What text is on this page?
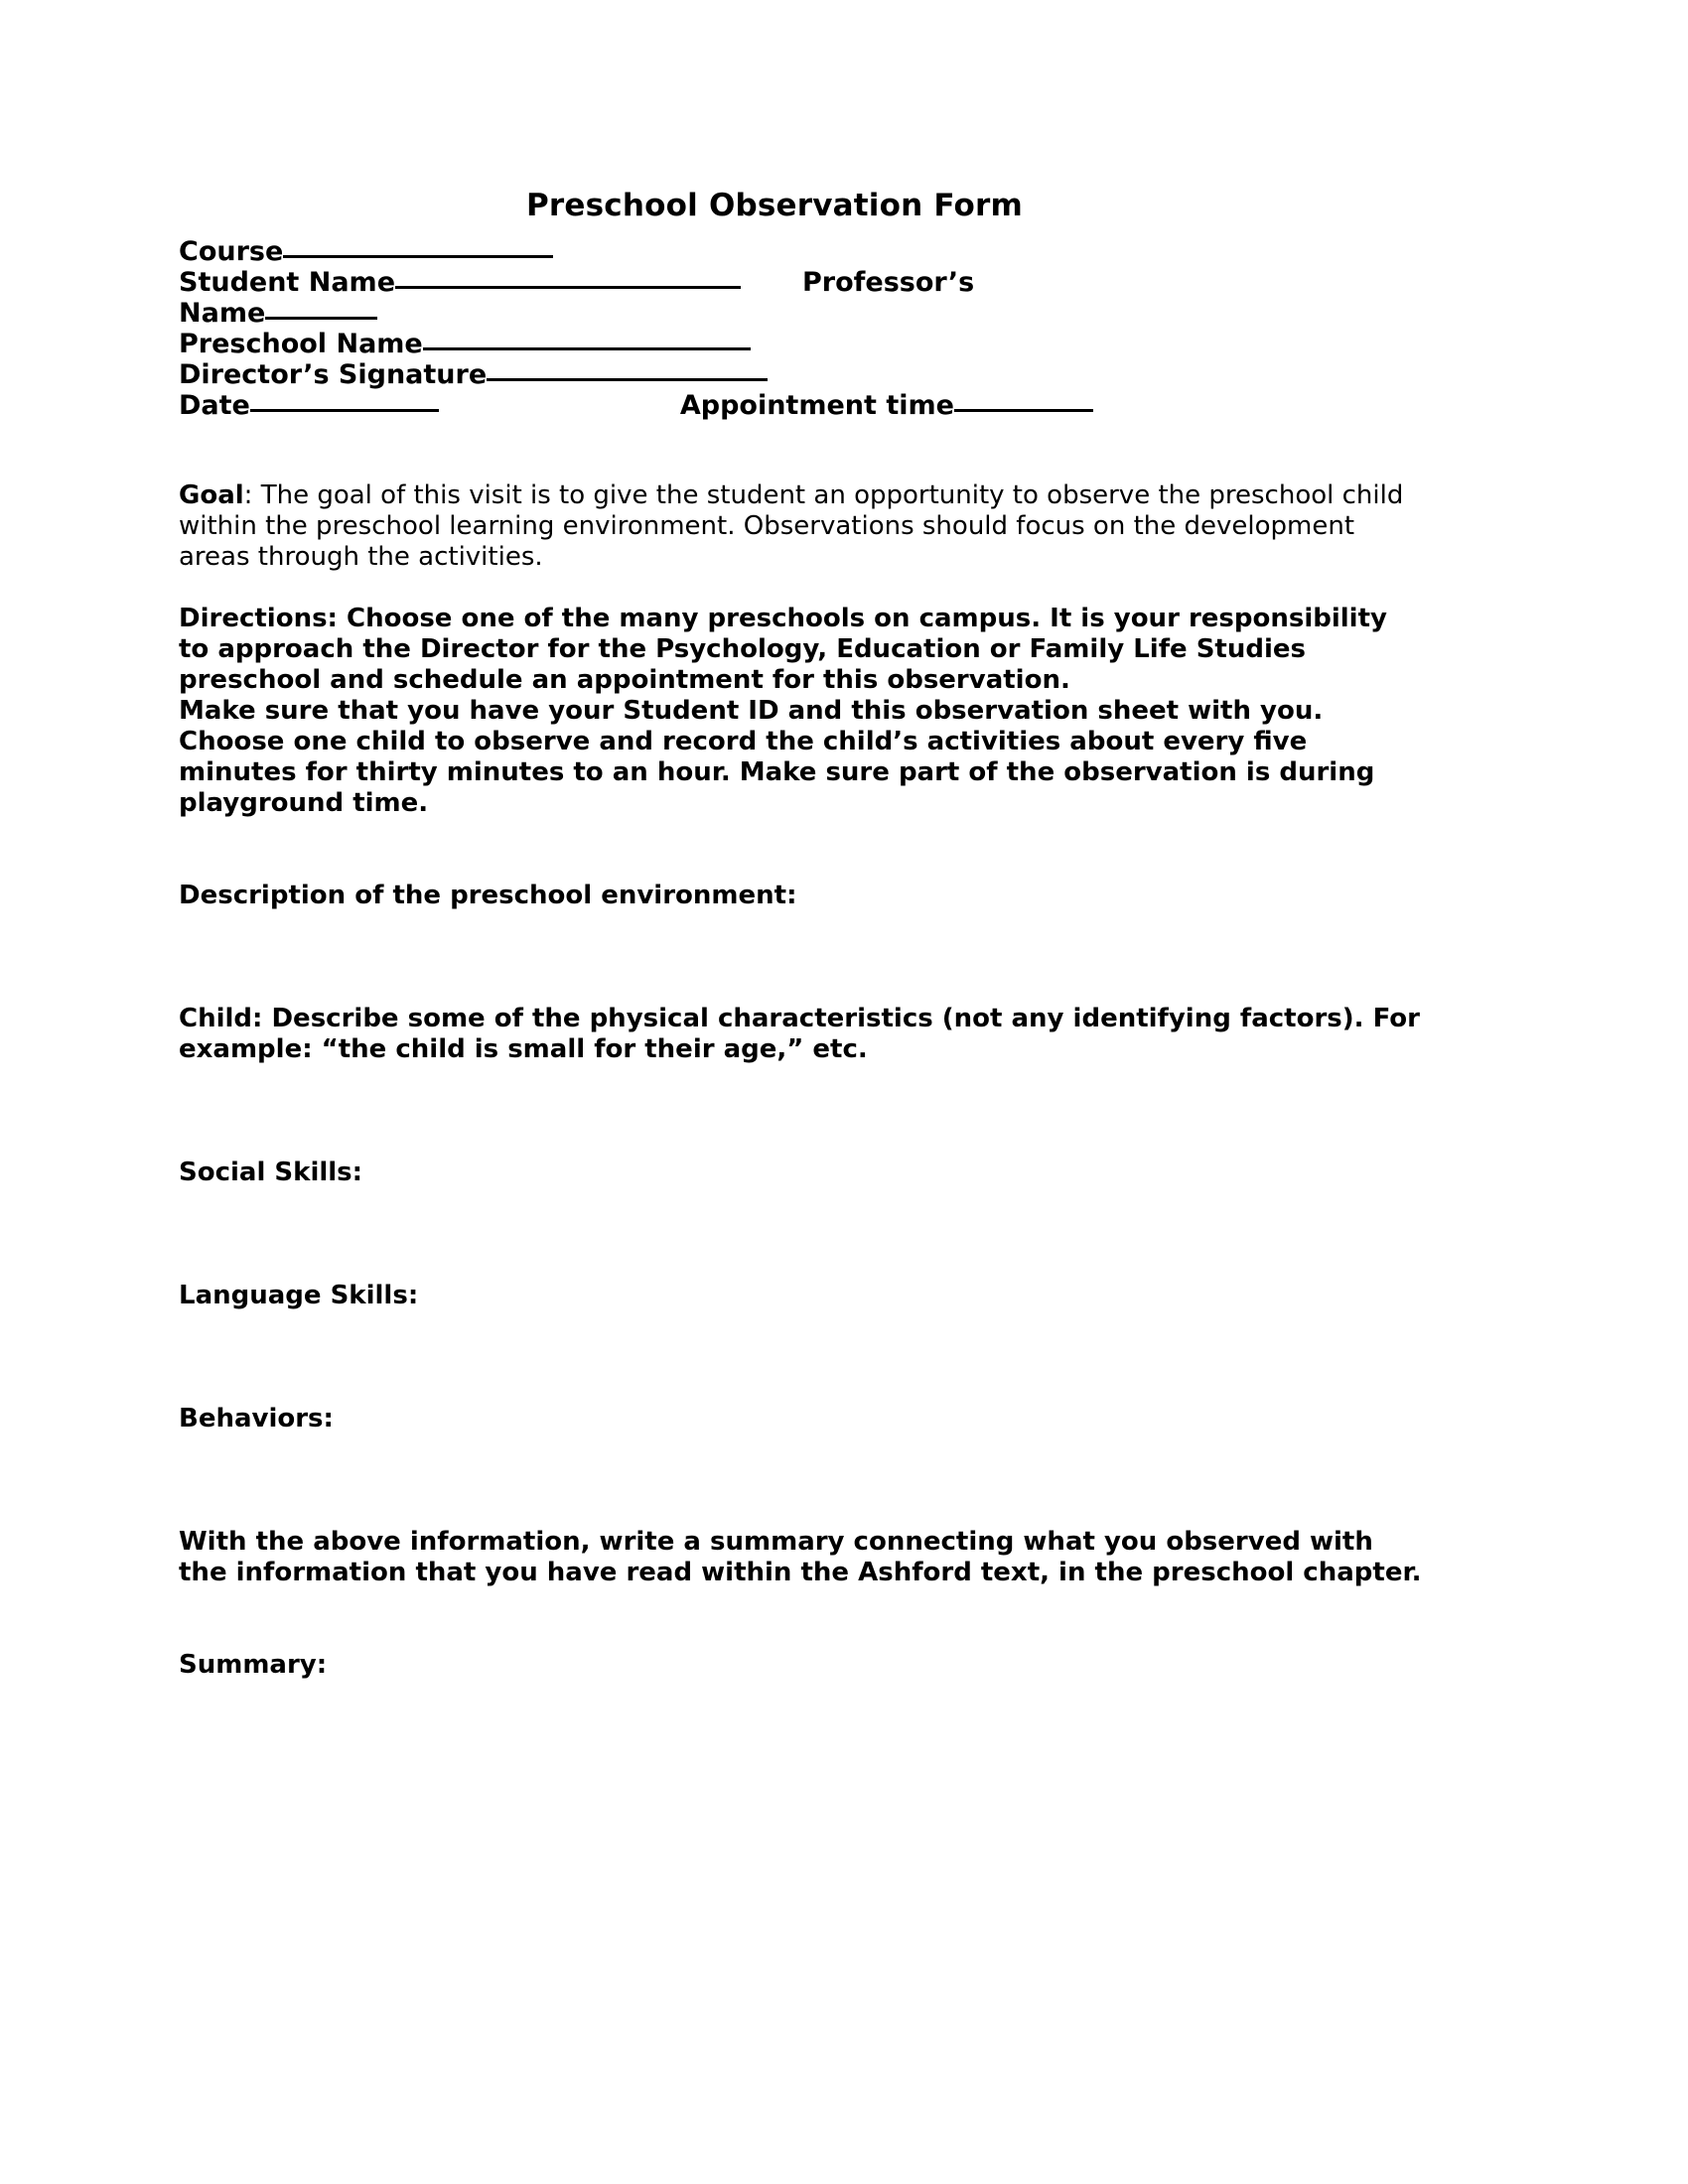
Preschool Observation Form
Course
Student Name	Professor’s
Name
Preschool Name
Director’s Signature
Date	Appointment time

Goal: The goal of this visit is to give the student an opportunity to observe the preschool child within the preschool learning environment. Observations should focus on the development areas through the activities.

Directions: Choose one of the many preschools on campus. It is your responsibility to approach the Director for the Psychology, Education or Family Life Studies preschool and schedule an appointment for this observation.

Make sure that you have your Student ID and this observation sheet with you. Choose one child to observe and record the child’s activities about every five minutes for thirty minutes to an hour. Make sure part of the observation is during playground time.

Description of the preschool environment:
Child: Describe some of the physical characteristics (not any identifying factors). For example: “the child is small for their age,” etc.
Social Skills:
Language Skills:
Behaviors:

With the above information, write a summary connecting what you observed with the information that you have read within the Ashford text, in the preschool chapter.

Summary:
